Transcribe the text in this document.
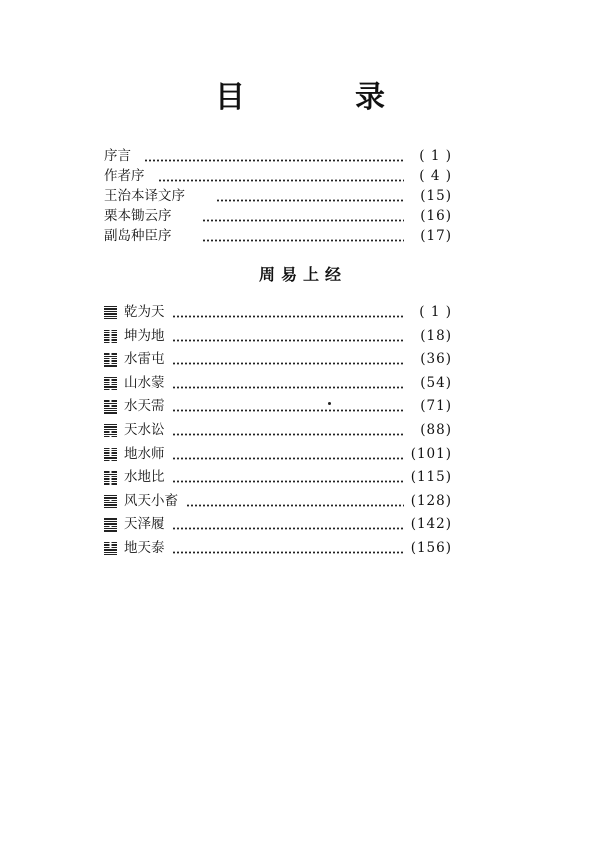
目　录
序言	( 1 )
作者序	( 4 )
王治本译文序	(15)
栗本锄云序	(16)
副岛种臣序	(17)
周易上经
乾为天	( 1 )
坤为地	(18)
水雷屯	(36)
山水蒙	(54)
水天需	(71)
天水讼	(88)
地水师	(101)
水地比	(115)
风天小畜	(128)
天泽履	(142)
地天泰	(156)
